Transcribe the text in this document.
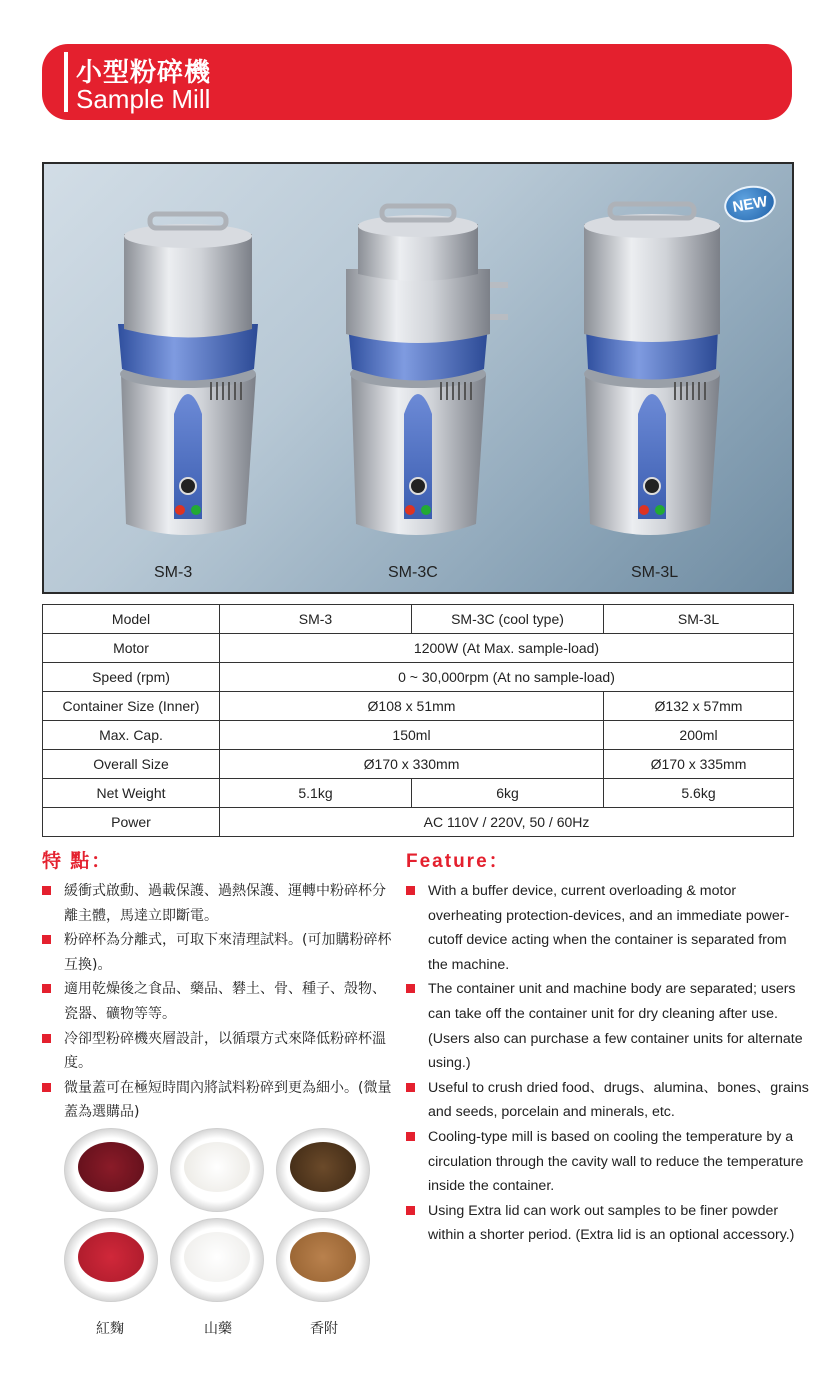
小型粉碎機
Sample Mill
NEW
SM-3	SM-3C	SM-3L
Model	SM-3	SM-3C (cool type)	SM-3L
Motor	1200W (At Max. sample-load)		
Speed (rpm)	0 ~ 30,000rpm (At no sample-load)		
Container Size (Inner)	Ø108 x 51mm		Ø132 x 57mm
Max. Cap.	150ml		200ml
Overall Size	Ø170 x 330mm		Ø170 x 335mm
Net Weight	5.1kg	6kg	5.6kg
Power	AC 110V / 220V, 50 / 60Hz		
特 點：
緩衝式啟動、過載保護、過熱保護、運轉中粉碎杯分離主體，馬達立即斷電。
粉碎杯為分離式，可取下來清理試料。(可加購粉碎杯互換)。
適用乾燥後之食品、藥品、礬土、骨、種子、殼物、瓷器、礦物等等。
冷卻型粉碎機夾層設計，以循環方式來降低粉碎杯溫度。
微量蓋可在極短時間內將試料粉碎到更為細小。(微量蓋為選購品)
Feature：
With a buffer device, current overloading & motor overheating protection-devices, and an immediate power-cutoff device acting when the container is separated from the machine.
The container unit and machine body are separated; users can take off the container unit for dry cleaning after use. (Users also can purchase a few container units for alternate using.)
Useful to crush dried food、drugs、alumina、bones、grains and seeds, porcelain and minerals, etc.
Cooling-type mill is based on cooling the temperature by a circulation through the cavity wall to reduce the temperature inside the container.
Using Extra lid can work out samples to be finer powder within a shorter period. (Extra lid is an optional accessory.)
紅麴	山藥	香附
